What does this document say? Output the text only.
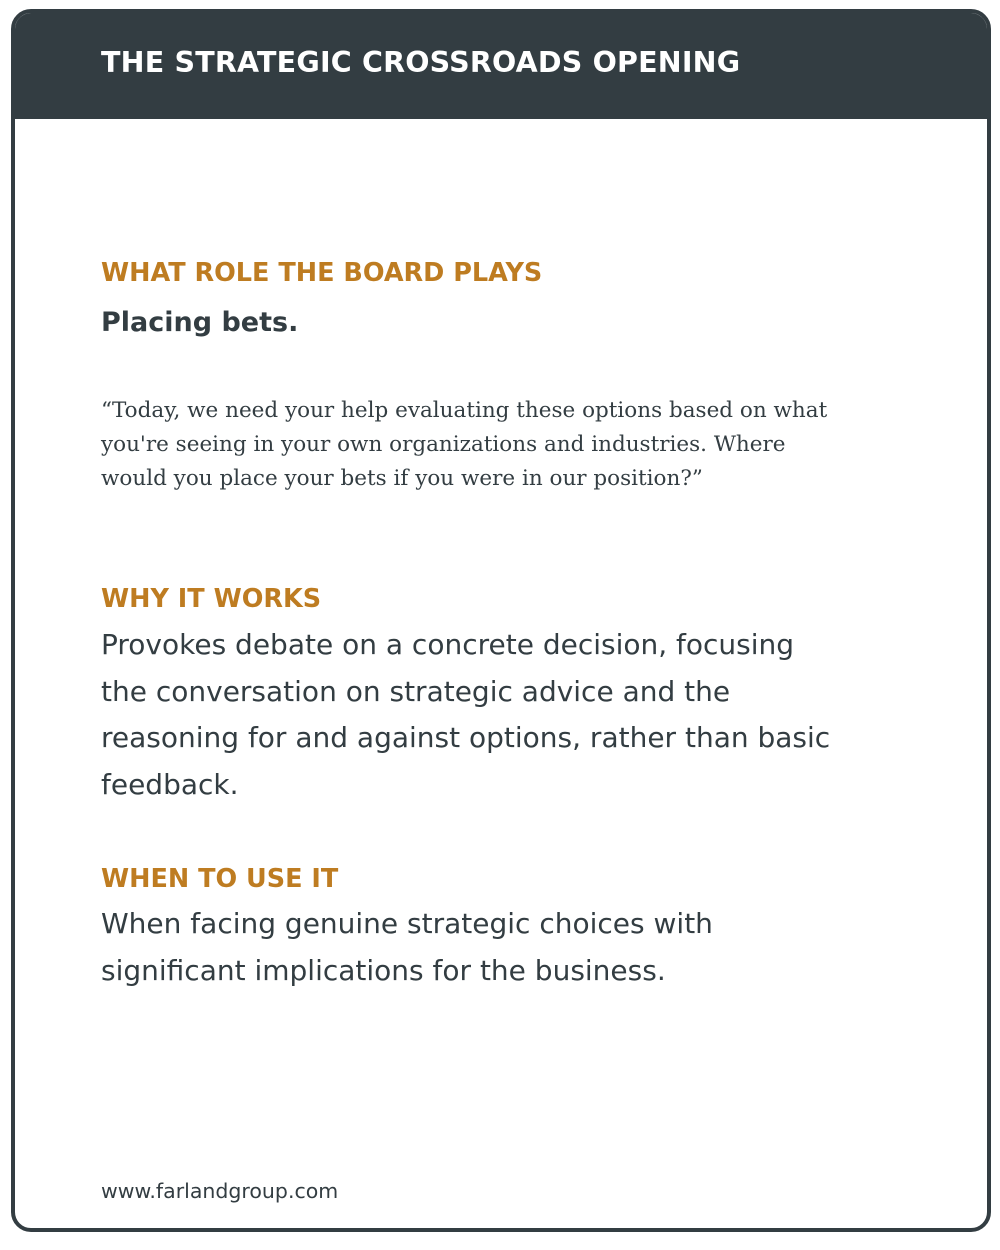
THE STRATEGIC CROSSROADS OPENING
WHAT ROLE THE BOARD PLAYS

Placing bets.

“Today, we need your help evaluating these options based on what you're seeing in your own organizations and industries. Where would you place your bets if you were in our position?”

WHY IT WORKS

Provokes debate on a concrete decision, focusing the conversation on strategic advice and the reasoning for and against options, rather than basic feedback.

WHEN TO USE IT

When facing genuine strategic choices with significant implications for the business.

www.farlandgroup.com
